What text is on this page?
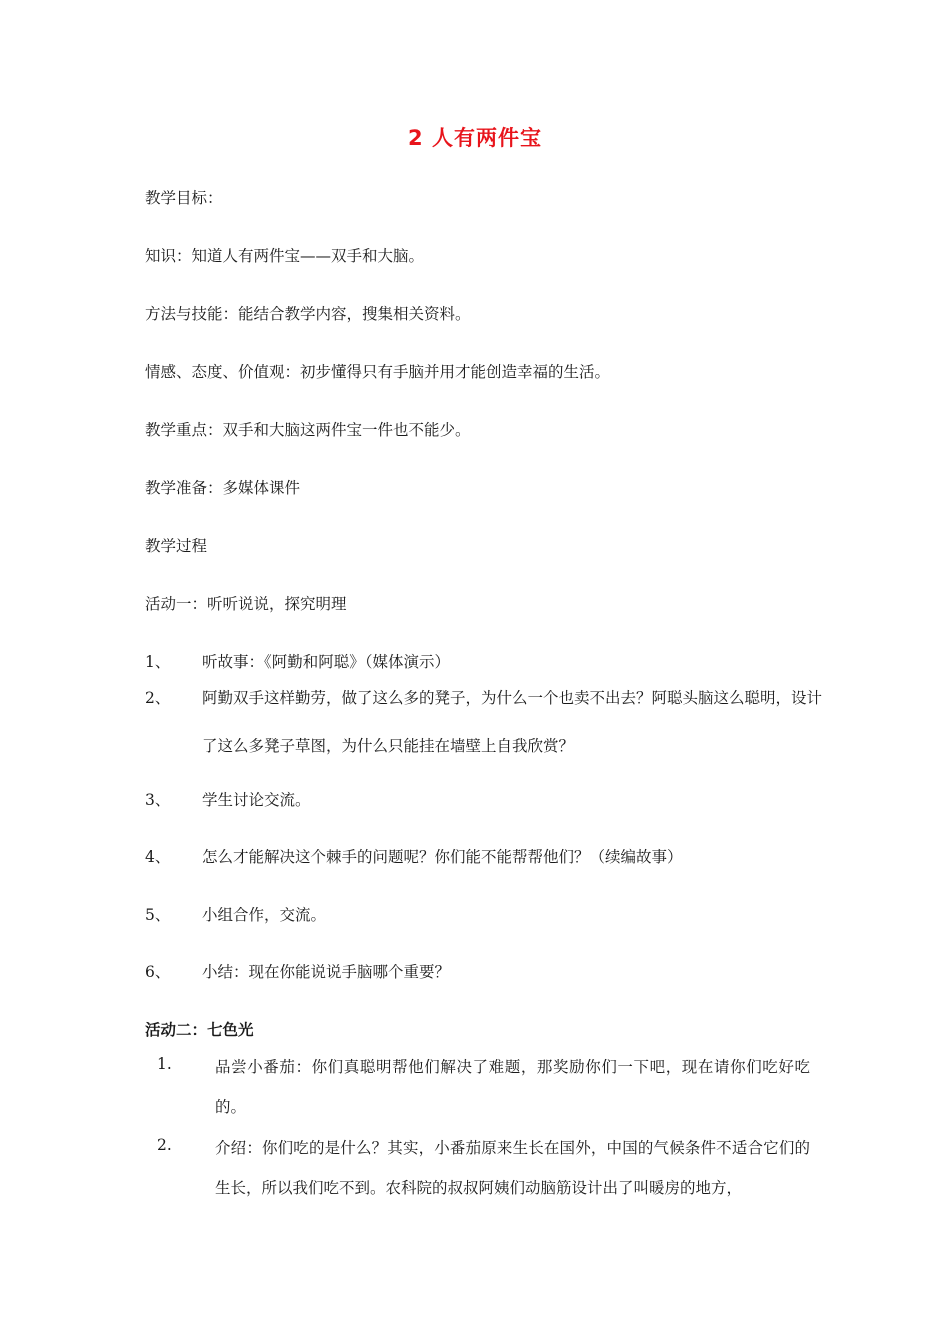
2 人有两件宝
教学目标：
知识：知道人有两件宝——双手和大脑。
方法与技能：能结合教学内容，搜集相关资料。
情感、态度、价值观：初步懂得只有手脑并用才能创造幸福的生活。
教学重点：双手和大脑这两件宝一件也不能少。
教学准备：多媒体课件
教学过程
活动一：听听说说，探究明理
1、 听故事：《阿勤和阿聪》（媒体演示）
2、 阿勤双手这样勤劳，做了这么多的凳子，为什么一个也卖不出去？阿聪头脑这么聪明，设计了这么多凳子草图，为什么只能挂在墙壁上自我欣赏？
3、 学生讨论交流。
4、 怎么才能解决这个棘手的问题呢？你们能不能帮帮他们？（续编故事）
5、 小组合作，交流。
6、 小结：现在你能说说手脑哪个重要？
活动二：七色光
1.	品尝小番茄：你们真聪明帮他们解决了难题，那奖励你们一下吧，现在请你们吃好吃的。
2.	介绍：你们吃的是什么？其实，小番茄原来生长在国外，中国的气候条件不适合它们的生长，所以我们吃不到。农科院的叔叔阿姨们动脑筋设计出了叫暖房的地方，
